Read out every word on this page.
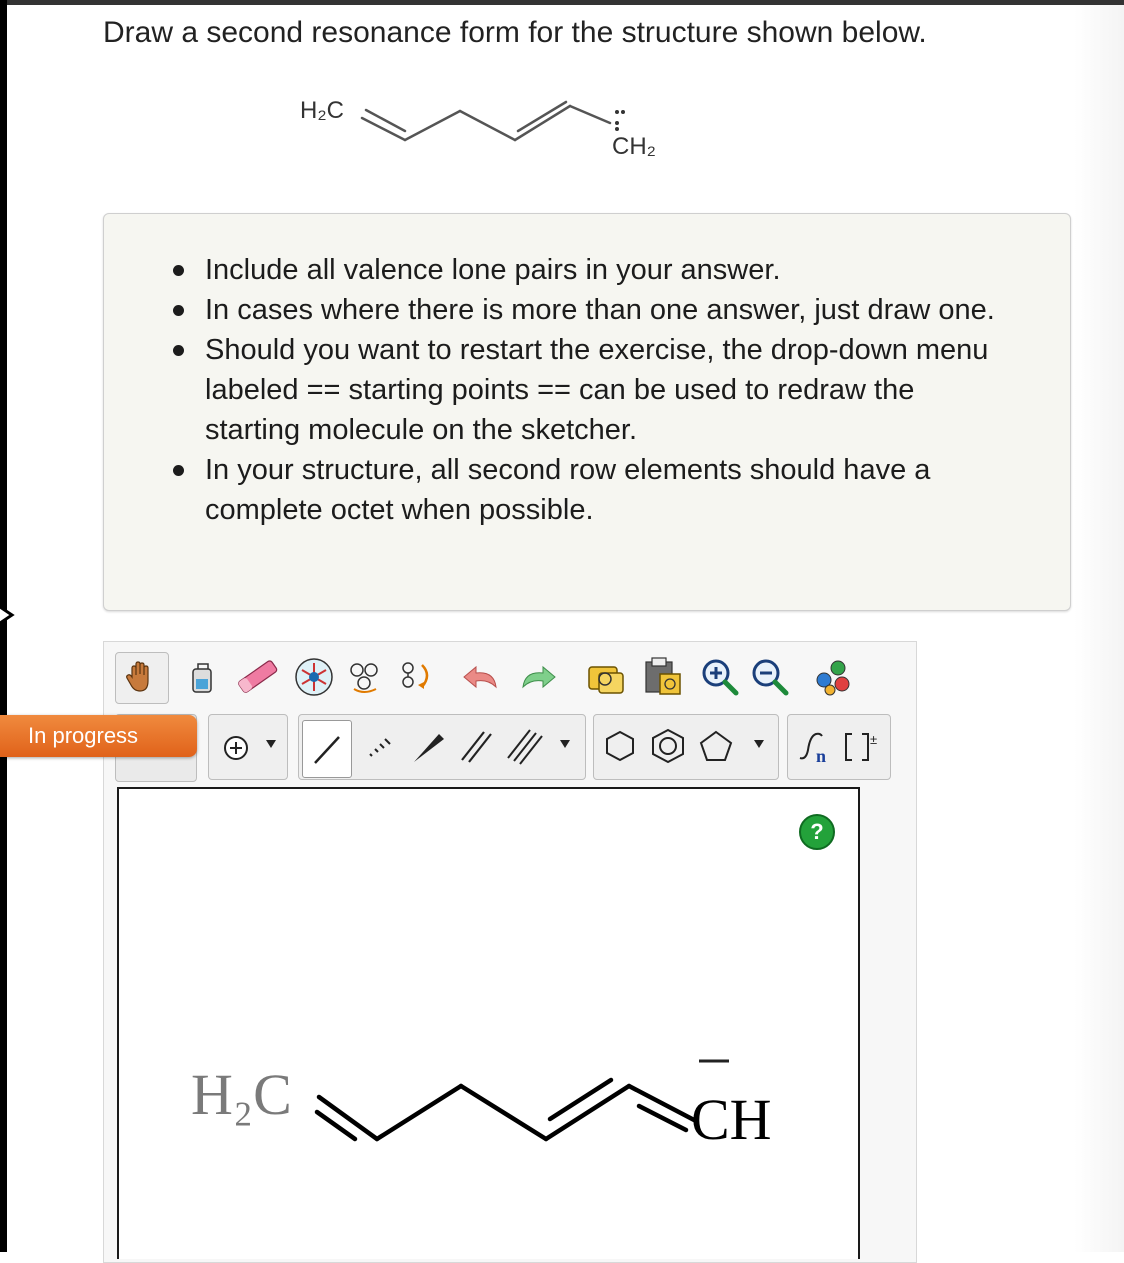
Draw a second resonance form for the structure shown below.
H₂C
CH₂
Include all valence lone pairs in your answer.
In cases where there is more than one answer, just draw one.
Should you want to restart the exercise, the drop-down menu labeled == starting points == can be used to redraw the starting molecule on the sketcher.
In your structure, all second row elements should have a complete octet when possible.
n
±
In progress
?
H₂C	CH
